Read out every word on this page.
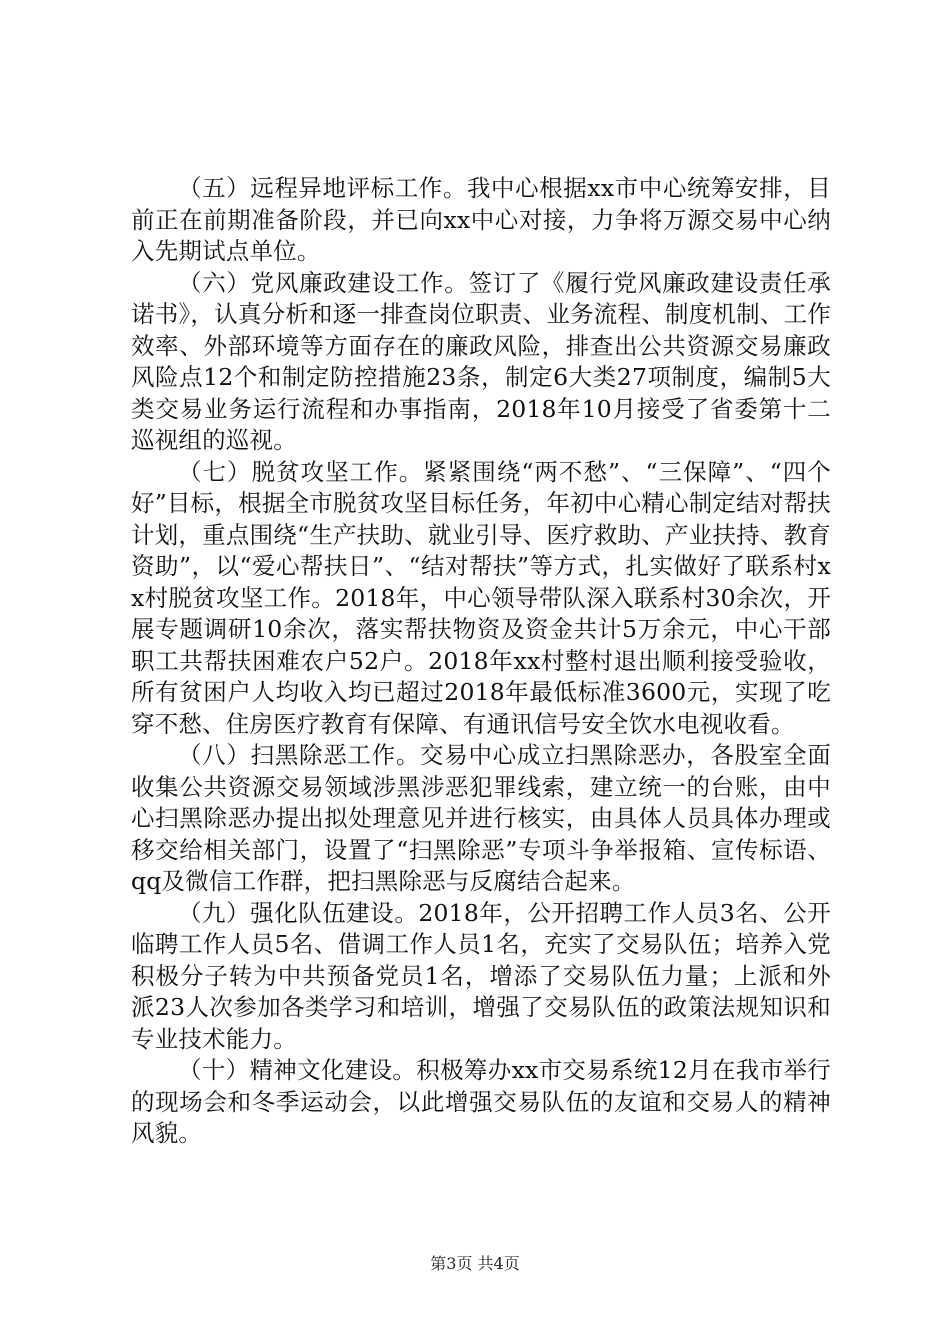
（五）远程异地评标工作。我中心根据xx市中心统筹安排，目前正在前期准备阶段，并已向xx中心对接，力争将万源交易中心纳入先期试点单位。

（六）党风廉政建设工作。签订了《履行党风廉政建设责任承诺书》，认真分析和逐一排查岗位职责、业务流程、制度机制、工作效率、外部环境等方面存在的廉政风险，排查出公共资源交易廉政风险点12个和制定防控措施23条，制定6大类27项制度，编制5大类交易业务运行流程和办事指南，2018年10月接受了省委第十二巡视组的巡视。

（七）脱贫攻坚工作。紧紧围绕“两不愁”、“三保障”、“四个好”目标，根据全市脱贫攻坚目标任务，年初中心精心制定结对帮扶计划，重点围绕“生产扶助、就业引导、医疗救助、产业扶持、教育资助”，以“爱心帮扶日”、“结对帮扶”等方式，扎实做好了联系村xx村脱贫攻坚工作。2018年，中心领导带队深入联系村30余次，开展专题调研10余次，落实帮扶物资及资金共计5万余元，中心干部职工共帮扶困难农户52户。2018年xx村整村退出顺利接受验收，所有贫困户人均收入均已超过2018年最低标准3600元，实现了吃穿不愁、住房医疗教育有保障、有通讯信号安全饮水电视收看。

（八）扫黑除恶工作。交易中心成立扫黑除恶办，各股室全面收集公共资源交易领域涉黑涉恶犯罪线索，建立统一的台账，由中心扫黑除恶办提出拟处理意见并进行核实，由具体人员具体办理或移交给相关部门，设置了“扫黑除恶”专项斗争举报箱、宣传标语、qq及微信工作群，把扫黑除恶与反腐结合起来。

（九）强化队伍建设。2018年，公开招聘工作人员3名、公开临聘工作人员5名、借调工作人员1名，充实了交易队伍；培养入党积极分子转为中共预备党员1名，增添了交易队伍力量；上派和外派23人次参加各类学习和培训，增强了交易队伍的政策法规知识和专业技术能力。

（十）精神文化建设。积极筹办xx市交易系统12月在我市举行的现场会和冬季运动会，以此增强交易队伍的友谊和交易人的精神风貌。

第3页 共4页
